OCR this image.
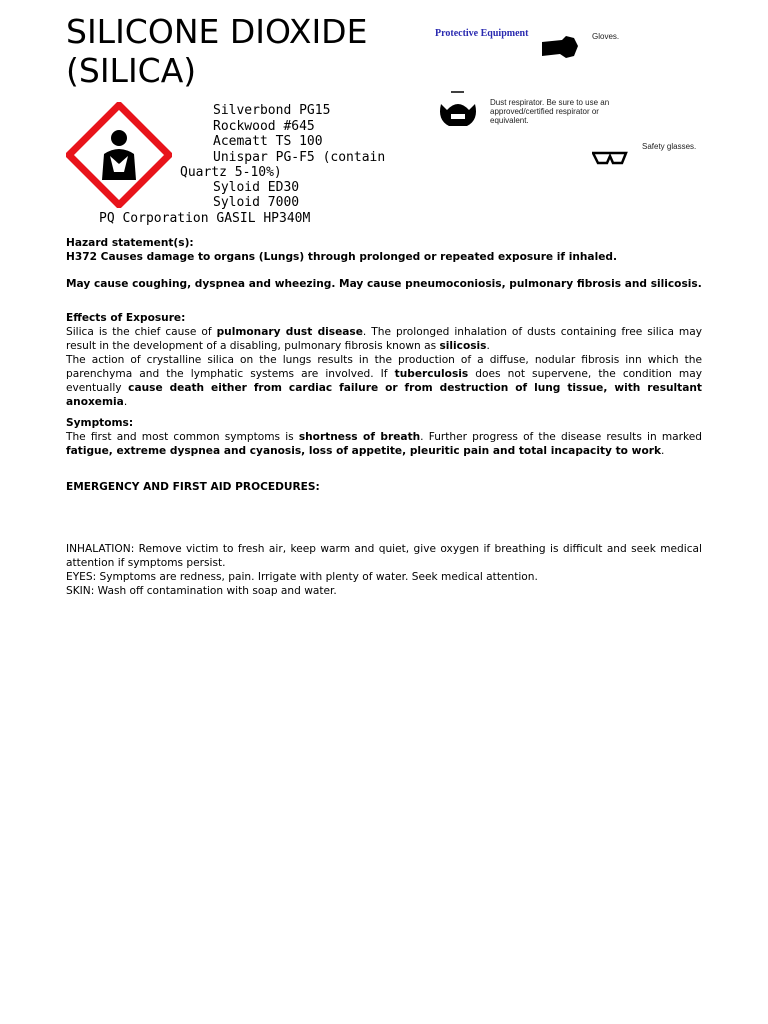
SILICONE DIOXIDE
(SILICA)
Silverbond PG15
Rockwood #645
Acematt TS 100
Unispar PG-F5 (contain
Quartz 5-10%)
Syloid ED30
Syloid 7000
PQ Corporation GASIL HP340M
Protective Equipment	Gloves.
Dust respirator. Be sure to use an approved/certified respirator or equivalent.
Safety glasses.

Hazard statement(s):

H372 Causes damage to organs (Lungs) through prolonged or repeated exposure if inhaled.

May cause coughing, dyspnea and wheezing. May cause pneumoconiosis, pulmonary fibrosis and silicosis.

Effects of Exposure:

Silica is the chief cause of pulmonary dust disease. The prolonged inhalation of dusts containing free silica may result in the development of a disabling, pulmonary fibrosis known as silicosis.

The action of crystalline silica on the lungs results in the production of a diffuse, nodular fibrosis inn which the parenchyma and the lymphatic systems are involved. If tuberculosis does not supervene, the condition may eventually cause death either from cardiac failure or from destruction of lung tissue, with resultant anoxemia.

Symptoms:

The first and most common symptoms is shortness of breath. Further progress of the disease results in marked fatigue, extreme dyspnea and cyanosis, loss of appetite, pleuritic pain and total incapacity to work.

EMERGENCY AND FIRST AID PROCEDURES:

INHALATION: Remove victim to fresh air, keep warm and quiet, give oxygen if breathing is difficult and seek medical attention if symptoms persist.

EYES: Symptoms are redness, pain. Irrigate with plenty of water. Seek medical attention.

SKIN: Wash off contamination with soap and water.
